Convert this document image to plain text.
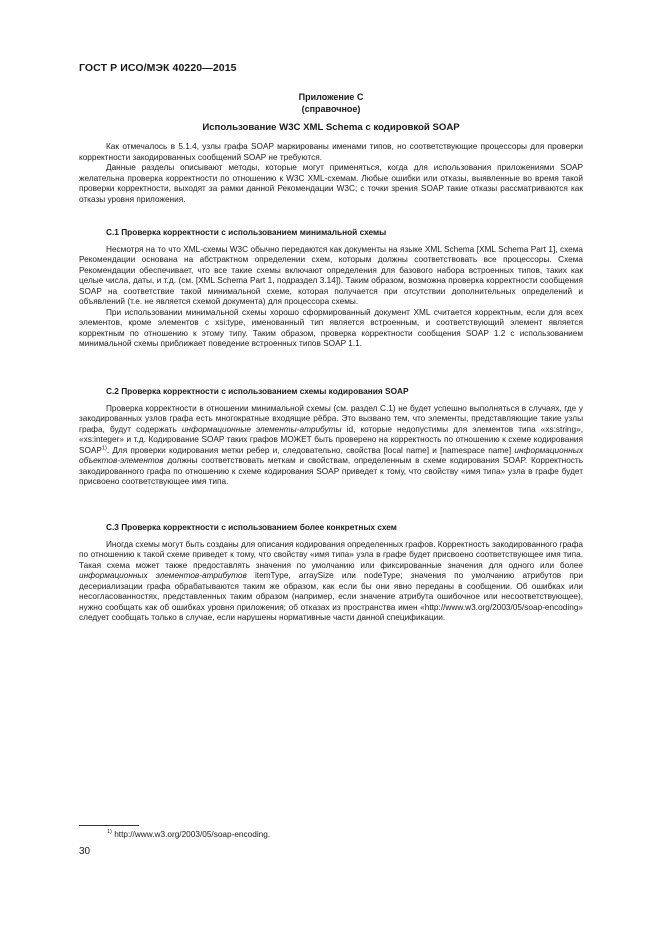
ГОСТ Р ИСО/МЭК 40220—2015
Приложение С
(справочное)
Использование W3C XML Schema с кодировкой SOAP

Как отмечалось в 5.1.4, узлы графа SOAP маркированы именами типов, но соответствующие процессоры для проверки корректности закодированных сообщений SOAP не требуются.

Данные разделы описывают методы, которые могут применяться, когда для использования приложениями SOAP желательна проверка корректности по отношению к W3C XML-схемам. Любые ошибки или отказы, выявленные во время такой проверки корректности, выходят за рамки данной Рекомендации W3C; с точки зрения SOAP такие отказы рассматриваются как отказы уровня приложения.

С.1 Проверка корректности с использованием минимальной схемы

Несмотря на то что XML-схемы W3C обычно передаются как документы на языке XML Schema [XML Schema Part 1], схема Рекомендации основана на абстрактном определении схем, которым должны соответствовать все процессоры. Схема Рекомендации обеспечивает, что все такие схемы включают определения для базового набора встроенных типов, таких как целые числа, даты, и т.д. (см. [XML Schema Part 1, подраздел 3.14]). Таким образом, возможна проверка корректности сообщения SOAP на соответствие такой минимальной схеме, которая получается при отсутствии дополнительных определений и объявлений (т.е. не является схемой документа) для процессора схемы.

При использовании минимальной схемы хорошо сформированный документ XML считается корректным, если для всех элементов, кроме элементов с xsi:type, именованный тип является встроенным, и соответствующий элемент является корректным по отношению к этому типу. Таким образом, проверка корректности сообщения SOAP 1.2 с использованием минимальной схемы приближает поведение встроенных типов SOAP 1.1.

С.2 Проверка корректности с использованием схемы кодирования SOAP

Проверка корректности в отношении минимальной схемы (см. раздел С.1) не будет успешно выполняться в случаях, где у закодированных узлов графа есть многократные входящие рёбра. Это вызвано тем, что элементы, представляющие такие узлы графа, будут содержать информационные элементы-атрибуты id, которые недопустимы для элементов типа «xs:string», «xs:integer» и т.д. Кодирование SOAP таких графов МОЖЕТ быть проверено на корректность по отношению к схеме кодирования SOAP$^{1)}$. Для проверки кодирования метки ребер и, следовательно, свойства [local name] и [namespace name] информационных объектов-элементов должны соответствовать меткам и свойствам, определенным в схеме кодирования SOAP. Корректность закодированного графа по отношению к схеме кодирования SOAP приведет к тому, что свойству «имя типа» узла в графе будет присвоено соответствующее имя типа.

С.3 Проверка корректности с использованием более конкретных схем

Иногда схемы могут быть созданы для описания кодирования определенных графов. Корректность закодированного графа по отношению к такой схеме приведет к тому, что свойству «имя типа» узла в графе будет присвоено соответствующее имя типа. Такая схема может также предоставлять значения по умолчанию или фиксированные значения для одного или более информационных элементов-атрибутов itemType, arraySize или nodeType; значения по умолчанию атрибутов при десериализации графа обрабатываются таким же образом, как если бы они явно переданы в сообщении. Об ошибках или несогласованностях, представленных таким образом (например, если значение атрибута ошибочное или несоответствующее), нужно сообщать как об ошибках уровня приложения; об отказах из пространства имен «http://www.w3.org/2003/05/soap-encoding» следует сообщать только в случае, если нарушены нормативные части данной спецификации.

$^{1)}$ http://www.w3.org/2003/05/soap-encoding.
30
